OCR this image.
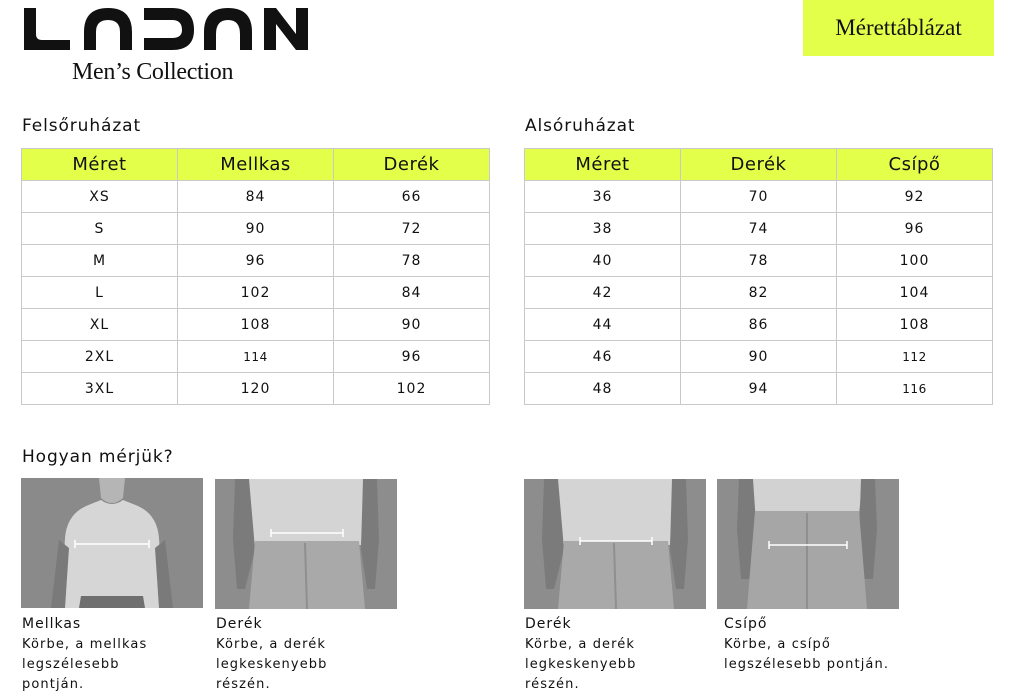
Men’s Collection
Mérettáblázat
Felsőruházat
Méret	Mellkas	Derék
XS	84	66
S	90	72
M	96	78
L	102	84
XL	108	90
2XL	114	96
3XL	120	102
Alsóruházat
Méret	Derék	Csípő
36	70	92
38	74	96
40	78	100
42	82	104
44	86	108
46	90	112
48	94	116
Hogyan mérjük?
Mellkas
Körbe, a mellkas
legszélesebb
pontján.
Derék
Körbe, a derék
legkeskenyebb
részén.
Derék
Körbe, a derék
legkeskenyebb
részén.
Csípő
Körbe, a csípő
legszélesebb pontján.
